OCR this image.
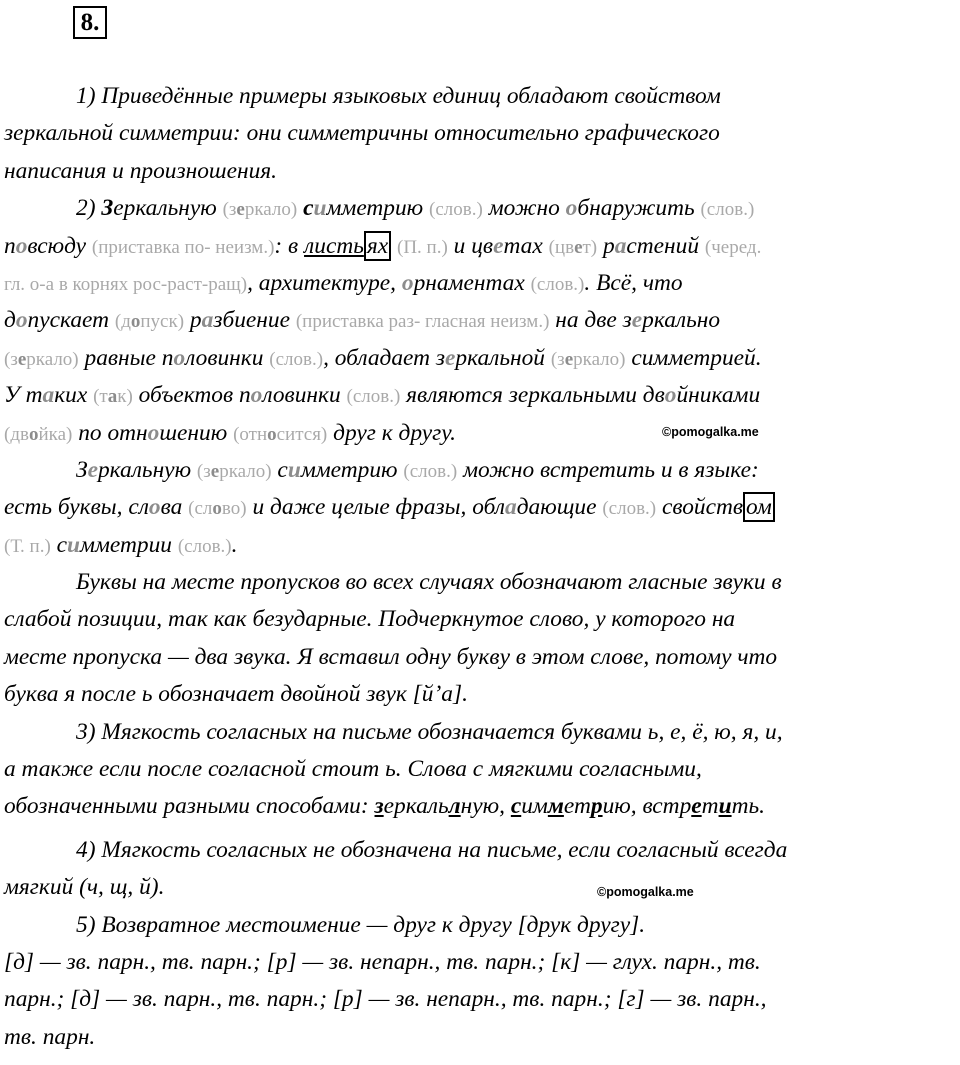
8.
1) Приведённые примеры языковых единиц обладают свойством
зеркальной симметрии: они симметричны относительно графического
написания и произношения.
2) Зеркальную (зеркало) симметрию (слов.) можно обнаружить (слов.)
повсюду (приставка по- неизм.): в листь ях (П. п.) и цветах (цвет) растений (черед.
гл. о-а в корнях рос-раст-ращ), архитектуре, орнаментах (слов.). Всё, что
допускает (допуск) разбиение (приставка раз- гласная неизм.) на две зеркально
(зеркало) равные половинки (слов.), обладает зеркальной (зеркало) симметрией.
У таких (так) объектов половинки (слов.) являются зеркальными двойниками
(двойка) по отношению (относится) друг к другу.
Зеркальную (зеркало) симметрию (слов.) можно встретить и в языке:
есть буквы, слова (слово) и даже целые фразы, обладающие (слов.) свойств ом
(Т. п.) симметрии (слов.).
Буквы на месте пропусков во всех случаях обозначают гласные звуки в
слабой позиции, так как безударные. Подчеркнутое слово, у которого на
месте пропуска — два звука. Я вставил одну букву в этом слове, потому что
буква я после ь обозначает двойной звук [й’а].
3) Мягкость согласных на письме обозначается буквами ь, е, ё, ю, я, и,
а также если после согласной стоит ь. Слова с мягкими согласными,
обозначенными разными способами: зеркальлную, симметрию, встретить.
4) Мягкость согласных не обозначена на письме, если согласный всегда
мягкий (ч, щ, й).
5) Возвратное местоимение — друг к другу [друк другу].
[д] — зв. парн., тв. парн.; [р] — зв. непарн., тв. парн.; [к] — глух. парн., тв.
парн.; [д] — зв. парн., тв. парн.; [р] — зв. непарн., тв. парн.; [г] — зв. парн.,
тв. парн.
©pomogalka.me
©pomogalka.me
